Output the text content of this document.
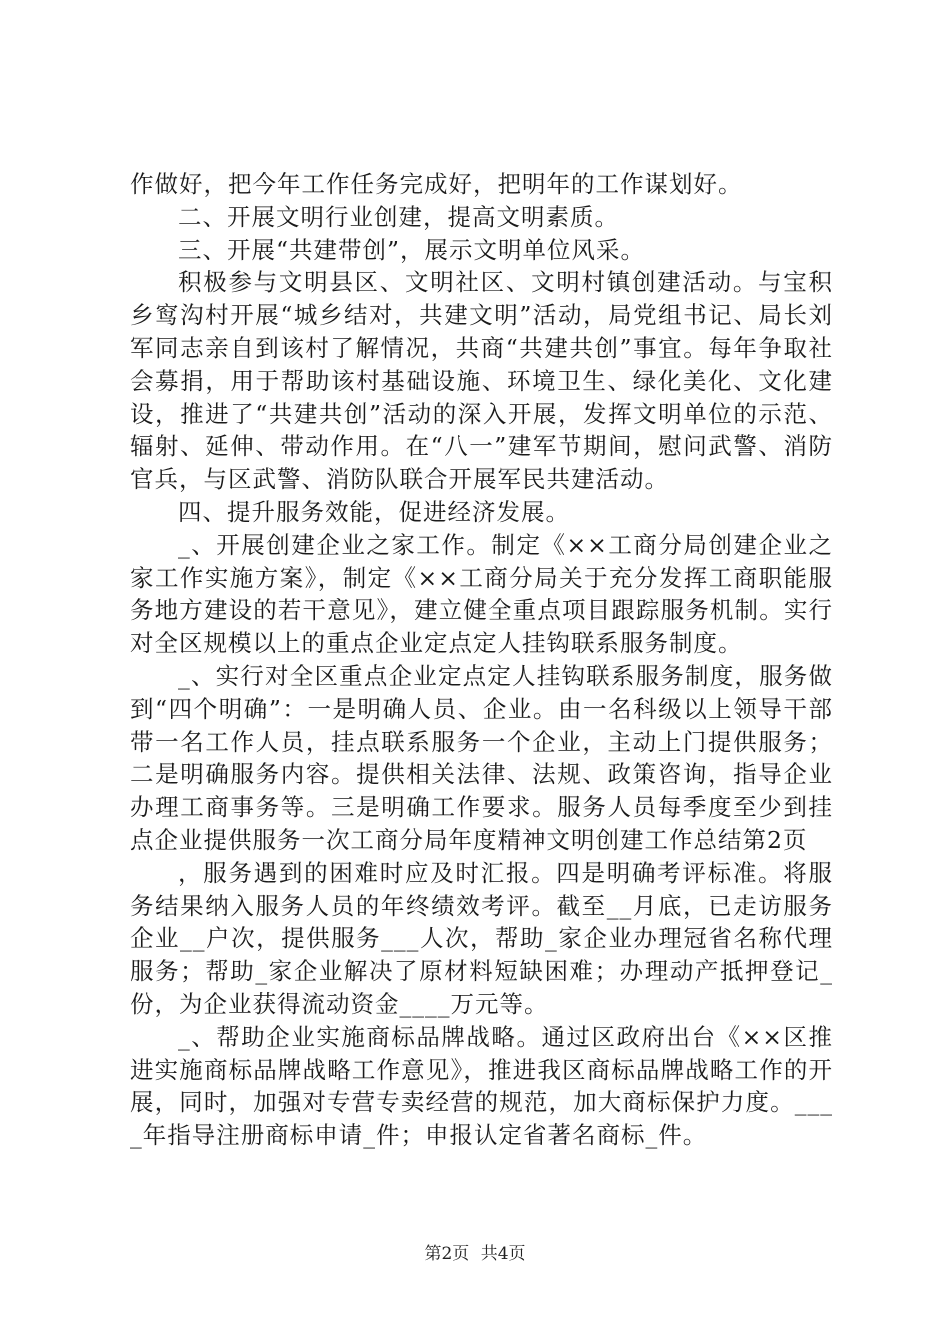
作做好，把今年工作任务完成好，把明年的工作谋划好。

二、开展文明行业创建，提高文明素质。

三、开展“共建带创”，展示文明单位风采。

积极参与文明县区、文明社区、文明村镇创建活动。与宝积乡窎沟村开展“城乡结对，共建文明”活动，局党组书记、局长刘军同志亲自到该村了解情况，共商“共建共创”事宜。每年争取社会募捐，用于帮助该村基础设施、环境卫生、绿化美化、文化建设，推进了“共建共创”活动的深入开展，发挥文明单位的示范、辐射、延伸、带动作用。在“八一”建军节期间，慰问武警、消防官兵，与区武警、消防队联合开展军民共建活动。

四、提升服务效能，促进经济发展。

_、开展创建企业之家工作。制定《××工商分局创建企业之家工作实施方案》，制定《××工商分局关于充分发挥工商职能服务地方建设的若干意见》，建立健全重点项目跟踪服务机制。实行对全区规模以上的重点企业定点定人挂钩联系服务制度。

_、实行对全区重点企业定点定人挂钩联系服务制度，服务做到“四个明确”：一是明确人员、企业。由一名科级以上领导干部带一名工作人员，挂点联系服务一个企业，主动上门提供服务；二是明确服务内容。提供相关法律、法规、政策咨询，指导企业办理工商事务等。三是明确工作要求。服务人员每季度至少到挂点企业提供服务一次工商分局年度精神文明创建工作总结第2页

，服务遇到的困难时应及时汇报。四是明确考评标准。将服务结果纳入服务人员的年终绩效考评。截至__月底，已走访服务企业__户次，提供服务___人次，帮助_家企业办理冠省名称代理服务；帮助_家企业解决了原材料短缺困难；办理动产抵押登记_份，为企业获得流动资金____万元等。

_、帮助企业实施商标品牌战略。通过区政府出台《××区推进实施商标品牌战略工作意见》，推进我区商标品牌战略工作的开展，同时，加强对专营专卖经营的规范，加大商标保护力度。____年指导注册商标申请_件；申报认定省著名商标_件。

第2页 共4页
